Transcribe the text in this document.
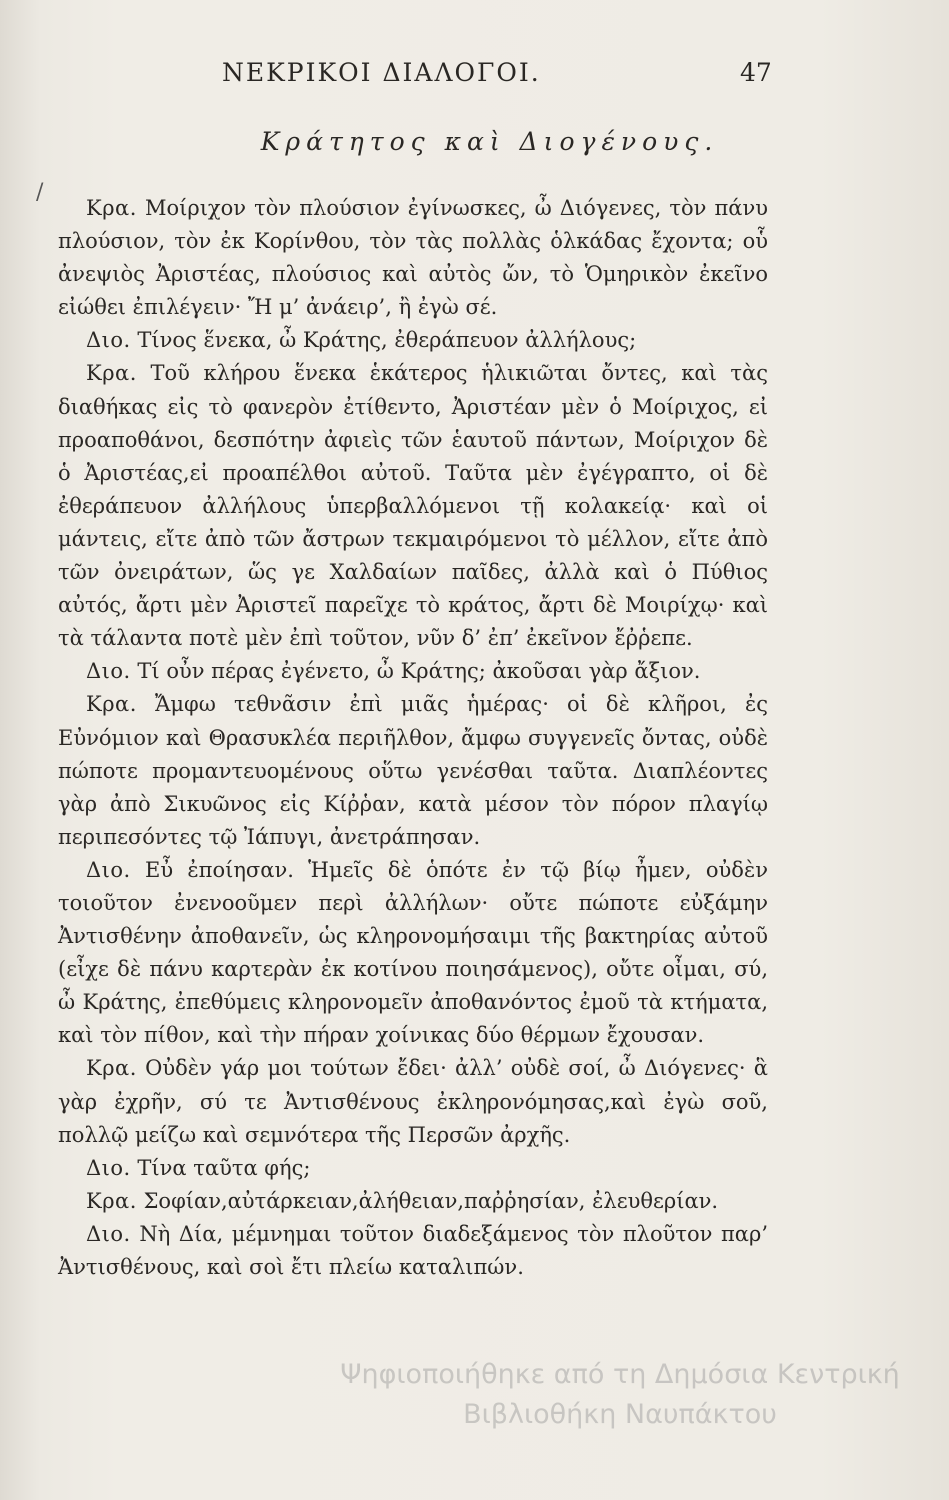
ΝΕΚΡΙΚΟΙ ΔΙΑΛΟΓΟΙ.	47
Κράτητος καὶ Διογένους.
/

Κρα. Μοίριχον τὸν πλούσιον ἐγίνωσκες, ὦ Διόγενες, τὸν πάνυ πλούσιον, τὸν ἐκ Κορίνθου, τὸν τὰς πολλὰς ὁλκάδας ἔχοντα; οὗ ἀνεψιὸς Ἀριστέας, πλούσιος καὶ αὐτὸς ὤν, τὸ Ὁμηρικὸν ἐκεῖνο εἰώθει ἐπιλέγειν· Ἤ μ’ ἀνάειρ’, ἢ ἐγὼ σέ.

Διο. Τίνος ἕνεκα, ὦ Κράτης, ἐθεράπευον ἀλλήλους;

Κρα. Τοῦ κλήρου ἕνεκα ἑκάτερος ἡλικιῶται ὄντες, καὶ τὰς διαθήκας εἰς τὸ φανερὸν ἐτίθεντο, Ἀριστέαν μὲν ὁ Μοίριχος, εἰ προαποθάνοι, δεσπότην ἀφιεὶς τῶν ἑαυτοῦ πάντων, Μοίριχον δὲ ὁ Ἀριστέας,εἰ προαπέλθοι αὐτοῦ. Ταῦτα μὲν ἐγέγραπτο, οἱ δὲ ἐθεράπευον ἀλλήλους ὑπερβαλλόμενοι τῇ κολακείᾳ· καὶ οἱ μάντεις, εἴτε ἀπὸ τῶν ἄστρων τεκμαιρόμενοι τὸ μέλλον, εἴτε ἀπὸ τῶν ὀνειράτων, ὥς γε Χαλδαίων παῖδες, ἀλλὰ καὶ ὁ Πύθιος αὐτός, ἄρτι μὲν Ἀριστεῖ παρεῖχε τὸ κράτος, ἄρτι δὲ Μοιρίχῳ· καὶ τὰ τάλαντα ποτὲ μὲν ἐπὶ τοῦτον, νῦν δ’ ἐπ’ ἐκεῖνον ἔῤῥεπε.

Διο. Τί οὖν πέρας ἐγένετο, ὦ Κράτης; ἀκοῦσαι γὰρ ἄξιον.

Κρα. Ἄμφω τεθνᾶσιν ἐπὶ μιᾶς ἡμέρας· οἱ δὲ κλῆροι, ἐς Εὐνόμιον καὶ Θρασυκλέα περιῆλθον, ἄμφω συγγενεῖς ὄντας, οὐδὲ πώποτε προμαντευομένους οὕτω γενέσθαι ταῦτα. Διαπλέοντες γὰρ ἀπὸ Σικυῶνος εἰς Κίῤῥαν, κατὰ μέσον τὸν πόρον πλαγίῳ περιπεσόντες τῷ Ἰάπυγι, ἀνετράπησαν.

Διο. Εὖ ἐποίησαν. Ἡμεῖς δὲ ὁπότε ἐν τῷ βίῳ ἦμεν, οὐδὲν τοιοῦτον ἐνενοοῦμεν περὶ ἀλλήλων· οὔτε πώποτε εὐξάμην Ἀντισθένην ἀποθανεῖν, ὡς κληρονομήσαιμι τῆς βακτηρίας αὐτοῦ (εἶχε δὲ πάνυ καρτερὰν ἐκ κοτίνου ποιησάμενος), οὔτε οἶμαι, σύ, ὦ Κράτης, ἐπεθύμεις κληρονομεῖν ἀποθανόντος ἐμοῦ τὰ κτήματα, καὶ τὸν πίθον, καὶ τὴν πήραν χοίνικας δύο θέρμων ἔχουσαν.

Κρα. Οὐδὲν γάρ μοι τούτων ἔδει· ἀλλ’ οὐδὲ σοί, ὦ Διόγενες· ἃ γὰρ ἐχρῆν, σύ τε Ἀντισθένους ἐκληρονόμησας,καὶ ἐγὼ σοῦ, πολλῷ μείζω καὶ σεμνότερα τῆς Περσῶν ἀρχῆς.

Διο. Τίνα ταῦτα φής;

Κρα. Σοφίαν,αὐτάρκειαν,ἀλήθειαν,παῤῥησίαν, ἐλευθερίαν.

Διο. Νὴ Δία, μέμνημαι τοῦτον διαδεξάμενος τὸν πλοῦτον παρ’ Ἀντισθένους, καὶ σοὶ ἔτι πλείω καταλιπών.

Ψηφιοποιήθηκε από τη Δημόσια Κεντρική
Βιβλιοθήκη Ναυπάκτου
